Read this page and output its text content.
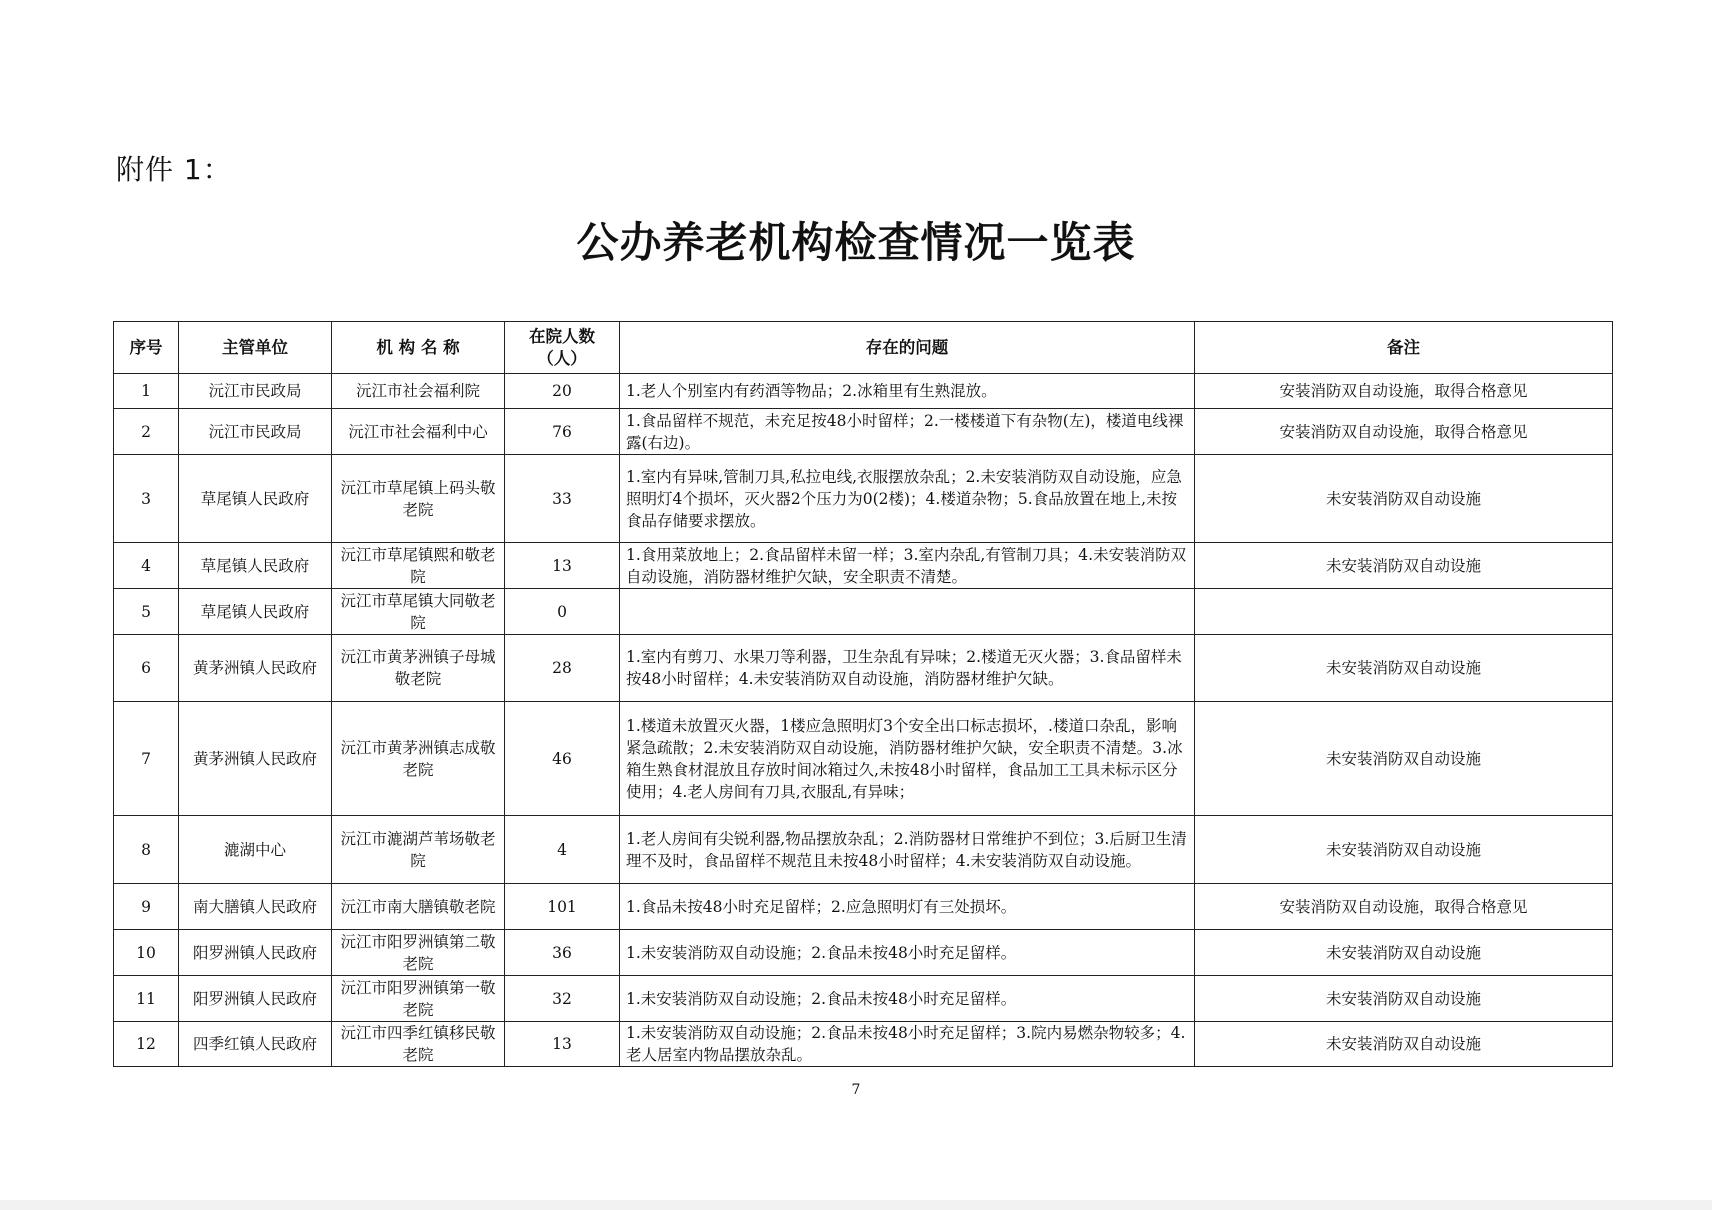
附件 1：
公办养老机构检查情况一览表
序号	主管单位	机 构 名 称	在院人数（人）	存在的问题	备注
1	沅江市民政局	沅江市社会福利院	20	1.老人个别室内有药酒等物品；2.冰箱里有生熟混放。	安装消防双自动设施，取得合格意见
2	沅江市民政局	沅江市社会福利中心	76	1.食品留样不规范，未充足按48小时留样；2.一楼楼道下有杂物(左)，楼道电线裸露(右边)。	安装消防双自动设施，取得合格意见
3	草尾镇人民政府	沅江市草尾镇上码头敬老院	33	1.室内有异味,管制刀具,私拉电线,衣服摆放杂乱；2.未安装消防双自动设施，应急照明灯4个损坏，灭火器2个压力为0(2楼)；4.楼道杂物；5.食品放置在地上,未按食品存储要求摆放。	未安装消防双自动设施
4	草尾镇人民政府	沅江市草尾镇熙和敬老院	13	1.食用菜放地上；2.食品留样未留一样；3.室内杂乱,有管制刀具；4.未安装消防双自动设施，消防器材维护欠缺，安全职责不清楚。	未安装消防双自动设施
5	草尾镇人民政府	沅江市草尾镇大同敬老院	0		
6	黄茅洲镇人民政府	沅江市黄茅洲镇子母城敬老院	28	1.室内有剪刀、水果刀等利器，卫生杂乱有异味；2.楼道无灭火器；3.食品留样未按48小时留样；4.未安装消防双自动设施，消防器材维护欠缺。	未安装消防双自动设施
7	黄茅洲镇人民政府	沅江市黄茅洲镇志成敬老院	46	1.楼道未放置灭火器，1楼应急照明灯3个安全出口标志损坏，.楼道口杂乱，影响紧急疏散；2.未安装消防双自动设施，消防器材维护欠缺，安全职责不清楚。3.冰箱生熟食材混放且存放时间冰箱过久,未按48小时留样，食品加工工具未标示区分使用；4.老人房间有刀具,衣服乱,有异味；	未安装消防双自动设施
8	漉湖中心	沅江市漉湖芦苇场敬老院	4	1.老人房间有尖锐利器,物品摆放杂乱；2.消防器材日常维护不到位；3.后厨卫生清理不及时，食品留样不规范且未按48小时留样；4.未安装消防双自动设施。	未安装消防双自动设施
9	南大膳镇人民政府	沅江市南大膳镇敬老院	101	1.食品未按48小时充足留样；2.应急照明灯有三处损坏。	安装消防双自动设施，取得合格意见
10	阳罗洲镇人民政府	沅江市阳罗洲镇第二敬老院	36	1.未安装消防双自动设施；2.食品未按48小时充足留样。	未安装消防双自动设施
11	阳罗洲镇人民政府	沅江市阳罗洲镇第一敬老院	32	1.未安装消防双自动设施；2.食品未按48小时充足留样。	未安装消防双自动设施
12	四季红镇人民政府	沅江市四季红镇移民敬老院	13	1.未安装消防双自动设施；2.食品未按48小时充足留样；3.院内易燃杂物较多；4.老人居室内物品摆放杂乱。	未安装消防双自动设施
7
